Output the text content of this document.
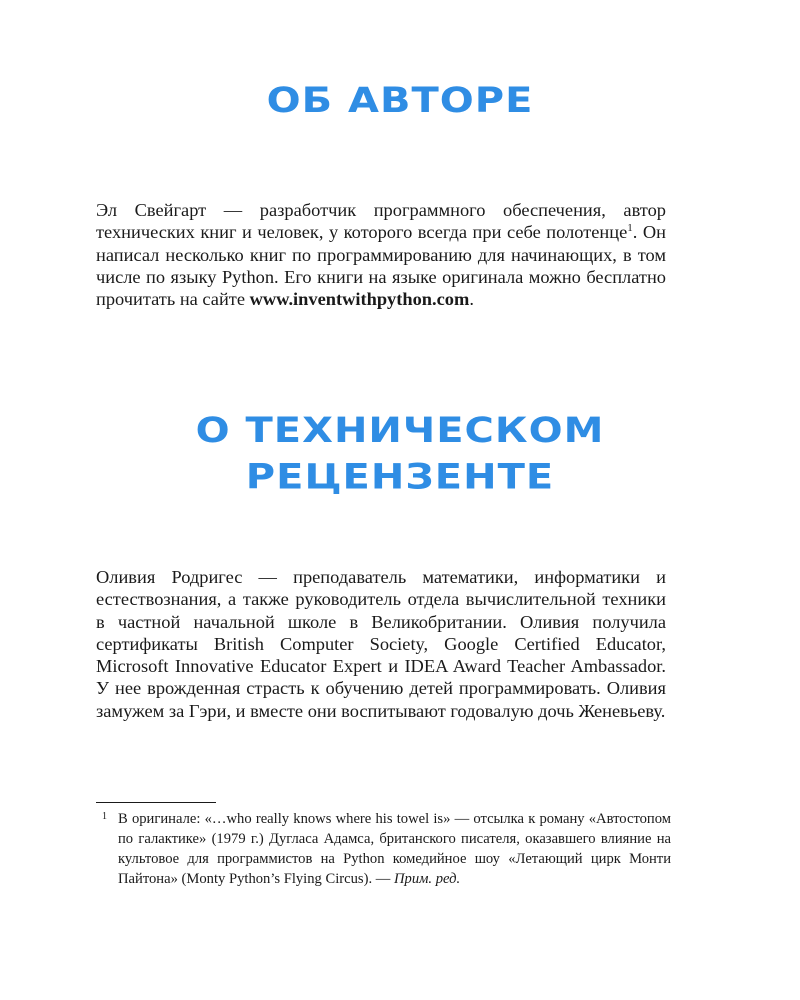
ОБ АВТОРЕ

Эл Свейгарт — разработчик программного обеспечения, автор технических книг и человек, у которого всегда при себе полотенце$^1$. Он написал несколько книг по программированию для начинающих, в том числе по языку Python. Его книги на языке оригинала можно бесплатно прочитать на сайте www.inventwithpython.com.

О ТЕХНИЧЕСКОМ
РЕЦЕНЗЕНТЕ

Оливия Родригес — преподаватель математики, информатики и естествознания, а также руководитель отдела вычислительной техники в частной начальной школе в Великобритании. Оливия получила сертификаты British Computer Society, Google Certified Educator, Microsoft Innovative Educator Expert и IDEA Award Teacher Ambassador. У нее врожденная страсть к обучению детей программировать. Оливия замужем за Гэри, и вместе они воспитывают годовалую дочь Женевьеву.

1 В оригинале: «…who really knows where his towel is» — отсылка к роману «Автостопом по галактике» (1979 г.) Дугласа Адамса, британского писателя, оказавшего влияние на культовое для программистов на Python комедийное шоу «Летающий цирк Монти Пайтона» (Monty Python’s Flying Circus). — Прим. ред.
